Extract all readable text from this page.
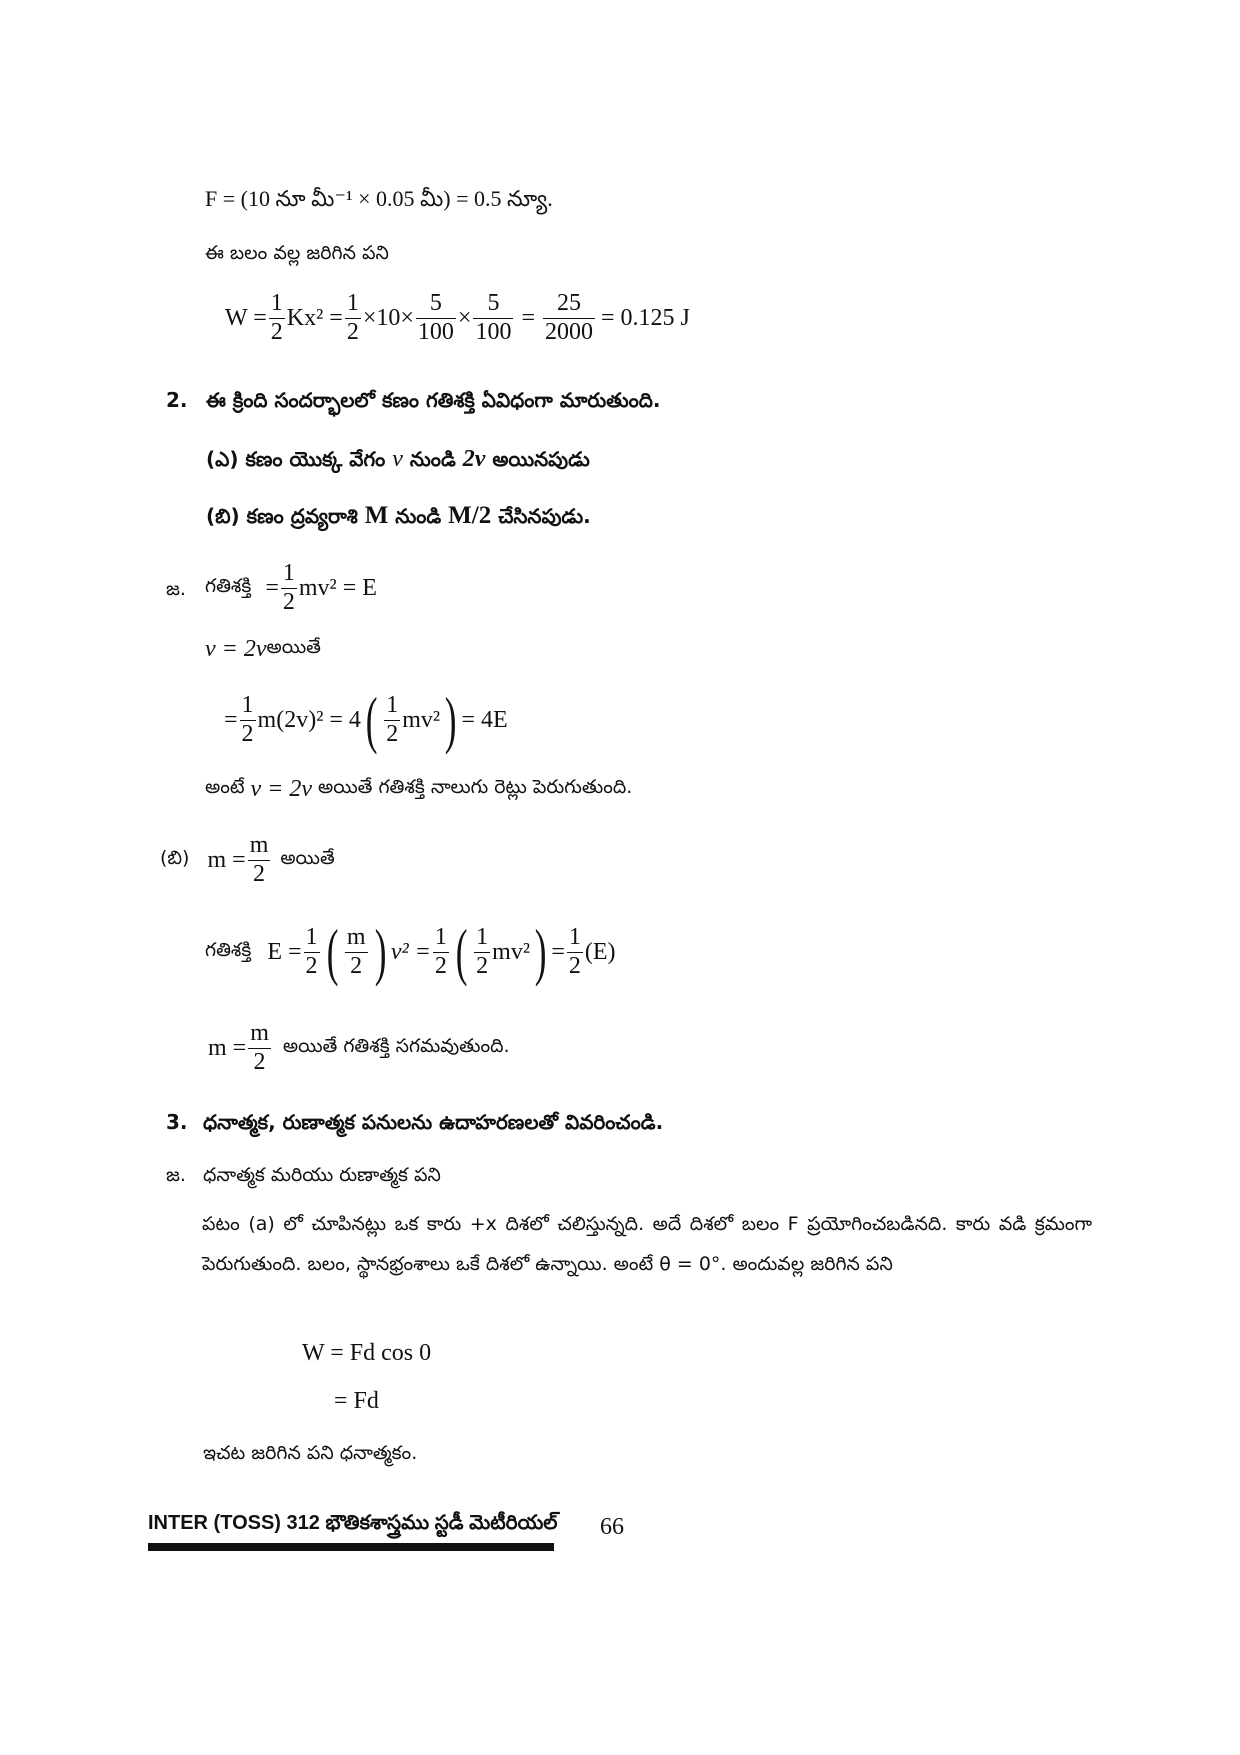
F = (10 నూ మీ⁻¹ × 0.05 మీ) = 0.5 న్యూ.
ఈ బలం వల్ల జరిగిన పని
$W = \frac{1}{2} Kx^2 = \frac{1}{2} \times 10\times \frac{5}{100} \times \frac{5}{100} = \frac{25}{2000} = 0.125$ J
2. ఈ క్రింది సందర్భాలలో కణం గతిశక్తి ఏవిధంగా మారుతుంది.
(ఎ) కణం యొక్క వేగం v నుండి 2v అయినపుడు
(బి) కణం ద్రవ్యరాశి M నుండి M/2 చేసినపుడు.
జ. గతిశక్తి = $\frac{1}{2} mv^2 = E$
v = 2v అయితే
= $\frac{1}{2} m(2v)^2 = 4$ ( $\frac{1}{2} mv^2$ ) = 4E
అంటే v = 2v అయితే గతిశక్తి నాలుగు రెట్లు పెరుగుతుంది.
(బి) $m = \frac{m}{2}$ అయితే
గతిశక్తి $E = \frac{1}{2}$ ( $\frac{m}{2}$ ) $v^2 = \frac{1}{2}$ ( $\frac{1}{2} mv^2$ ) = $\frac{1}{2} (E)$
$m = \frac{m}{2}$ అయితే గతిశక్తి సగమవుతుంది.
3. ధనాత్మక, రుణాత్మక పనులను ఉదాహరణలతో వివరించండి.
జ. ధనాత్మక మరియు రుణాత్మక పని
పటం (a) లో చూపినట్లు ఒక కారు +x దిశలో చలిస్తున్నది. అదే దిశలో బలం F ప్రయోగించబడినది. కారు వడి క్రమంగా పెరుగుతుంది. బలం, స్థానభ్రంశాలు ఒకే దిశలో ఉన్నాయి. అంటే θ = 0°. అందువల్ల జరిగిన పని
W = Fd cos 0
= Fd
ఇచట జరిగిన పని ధనాత్మకం.
INTER (TOSS) 312 భౌతికశాస్త్రము స్టడీ మెటీరియల్ 66
